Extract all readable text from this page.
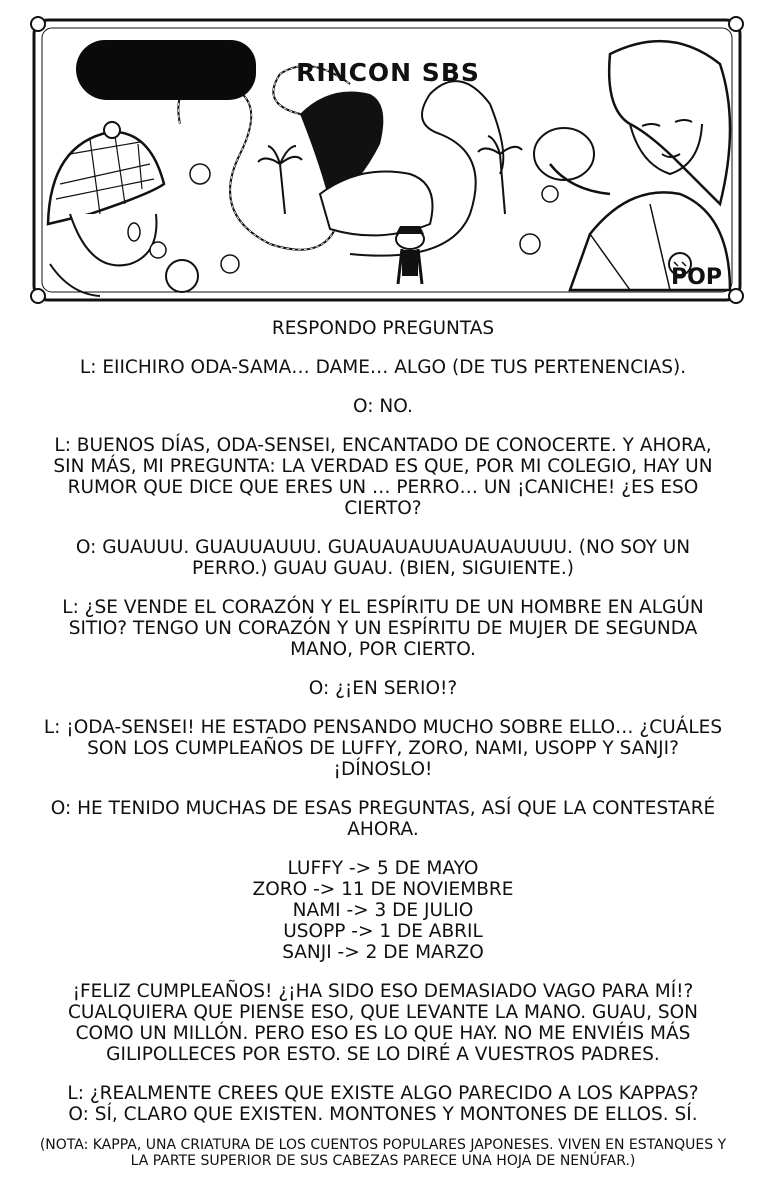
RINCON SBS
POP

RESPONDO PREGUNTAS

L: EIICHIRO ODA-SAMA… DAME… ALGO (DE TUS PERTENENCIAS).

O: NO.

L: BUENOS DÍAS, ODA-SENSEI, ENCANTADO DE CONOCERTE. Y AHORA, SIN MÁS, MI PREGUNTA: LA VERDAD ES QUE, POR MI COLEGIO, HAY UN RUMOR QUE DICE QUE ERES UN … PERRO… UN ¡CANICHE! ¿ES ESO CIERTO?

O: GUAUUU. GUAUUAUUU. GUAUAUAUUAUAUAUUUU. (NO SOY UN PERRO.) GUAU GUAU. (BIEN, SIGUIENTE.)

L: ¿SE VENDE EL CORAZÓN Y EL ESPÍRITU DE UN HOMBRE EN ALGÚN SITIO? TENGO UN CORAZÓN Y UN ESPÍRITU DE MUJER DE SEGUNDA MANO, POR CIERTO.

O: ¿¡EN SERIO!?

L: ¡ODA-SENSEI! HE ESTADO PENSANDO MUCHO SOBRE ELLO… ¿CUÁLES SON LOS CUMPLEAÑOS DE LUFFY, ZORO, NAMI, USOPP Y SANJI? ¡DÍNOSLO!

O: HE TENIDO MUCHAS DE ESAS PREGUNTAS, ASÍ QUE LA CONTESTARÉ AHORA.

LUFFY -> 5 DE MAYO

ZORO -> 11 DE NOVIEMBRE

NAMI -> 3 DE JULIO

USOPP -> 1 DE ABRIL

SANJI -> 2 DE MARZO

¡FELIZ CUMPLEAÑOS! ¿¡HA SIDO ESO DEMASIADO VAGO PARA MÍ!? CUALQUIERA QUE PIENSE ESO, QUE LEVANTE LA MANO. GUAU, SON COMO UN MILLÓN. PERO ESO ES LO QUE HAY. NO ME ENVIÉIS MÁS GILIPOLLECES POR ESTO. SE LO DIRÉ A VUESTROS PADRES.

L: ¿REALMENTE CREES QUE EXISTE ALGO PARECIDO A LOS KAPPAS?

O: SÍ, CLARO QUE EXISTEN. MONTONES Y MONTONES DE ELLOS. SÍ.

(NOTA: KAPPA, UNA CRIATURA DE LOS CUENTOS POPULARES JAPONESES. VIVEN EN ESTANQUES Y LA PARTE SUPERIOR DE SUS CABEZAS PARECE UNA HOJA DE NENÚFAR.)
